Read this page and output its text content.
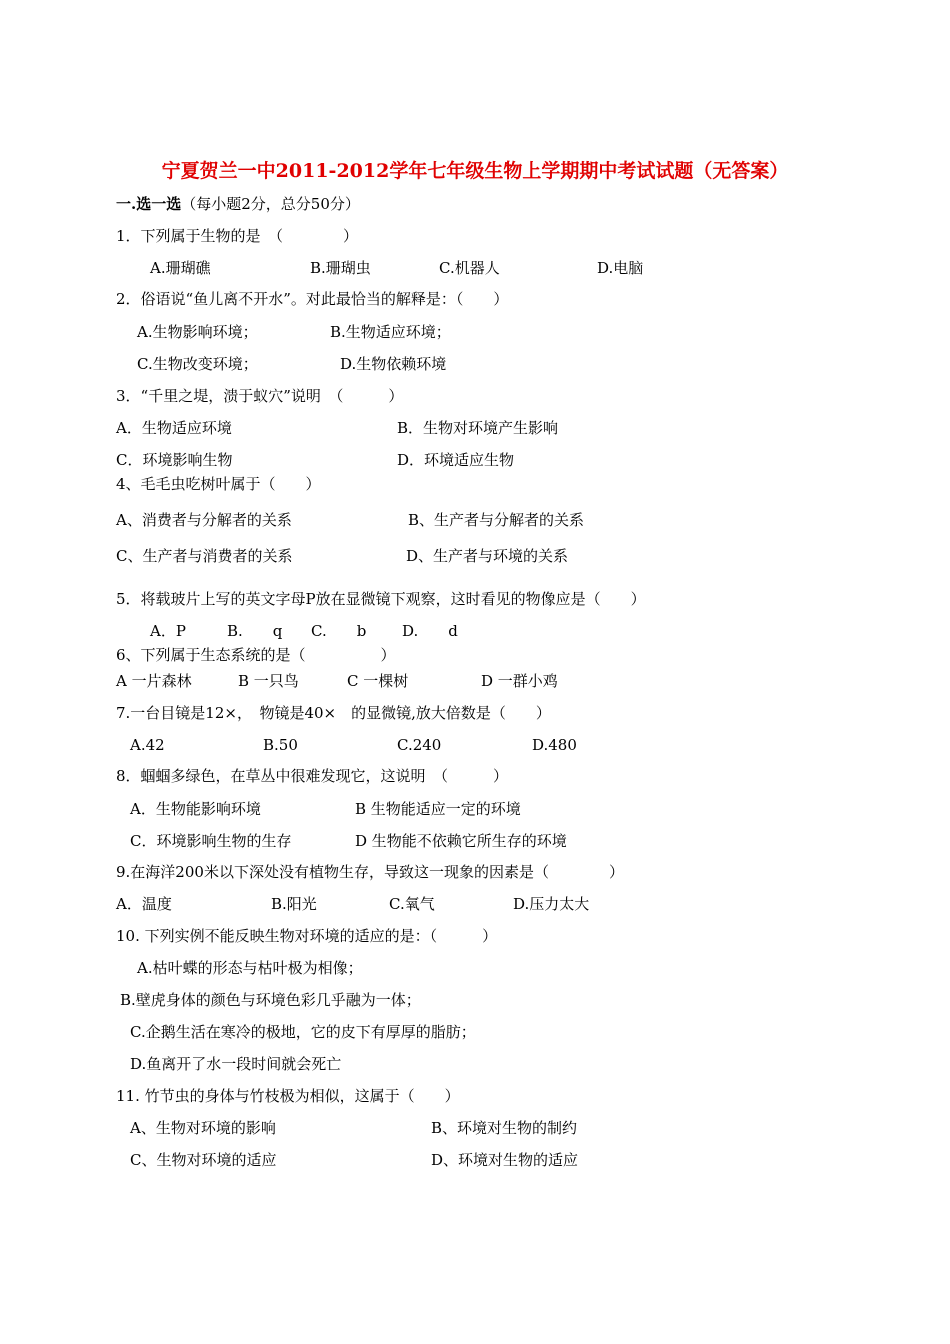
宁夏贺兰一中2011-2012学年七年级生物上学期期中考试试题（无答案）
一.选一选（每小题2分，总分50分）
1．下列属于生物的是　（　　　　）
A.珊瑚礁	B.珊瑚虫	C.机器人	D.电脑
2．俗语说“鱼儿离不开水”。对此最恰当的解释是：（　　）
A.生物影响环境；	B.生物适应环境；
C.生物改变环境；	D.生物依赖环境
3．“千里之堤，溃于蚁穴”说明　（　　　）
A．生物适应环境	B．生物对环境产生影响
C．环境影响生物	D．环境适应生物
4、毛毛虫吃树叶属于（　　）
A、消费者与分解者的关系	B、生产者与分解者的关系
C、生产者与消费者的关系	D、生产者与环境的关系
5．将载玻片上写的英文字母P放在显微镜下观察，这时看见的物像应是（　　）
A．P	B.　　q C.　　b D.　　d
6、下列属于生态系统的是（　　　　　）
A 一片森林	B 一只鸟	C 一棵树	D 一群小鸡
7.一台目镜是12×，　物镜是40×　的显微镜,放大倍数是（　　）
A.42	B.50	C.240	D.480
8．蝈蝈多绿色，在草丛中很难发现它，这说明　（　　　）
A．生物能影响环境	B 生物能适应一定的环境
C．环境影响生物的生存	D 生物能不依赖它所生存的环境
9.在海洋200米以下深处没有植物生存，导致这一现象的因素是（　　　　）
A．温度	B.阳光	C.氧气	D.压力太大
10. 下列实例不能反映生物对环境的适应的是：（　　　）
A.枯叶蝶的形态与枯叶极为相像；
B.壁虎身体的颜色与环境色彩几乎融为一体；
C.企鹅生活在寒冷的极地，它的皮下有厚厚的脂肪；
D.鱼离开了水一段时间就会死亡
11. 竹节虫的身体与竹枝极为相似，这属于（　　）
A、生物对环境的影响	B、环境对生物的制约
C、生物对环境的适应	D、环境对生物的适应
